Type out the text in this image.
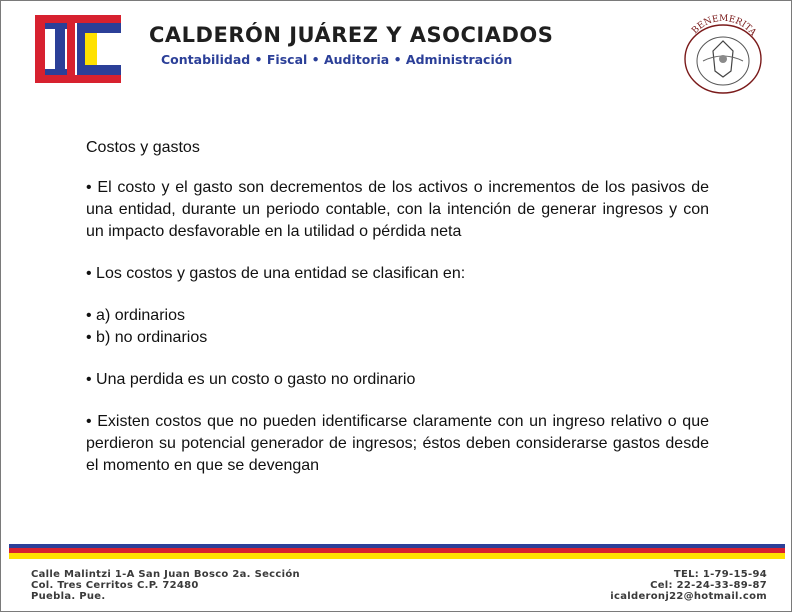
CALDERÓN JUÁREZ Y ASOCIADOS
Contabilidad • Fiscal • Auditoria • Administración
BENEMERITA

Costos y gastos

• El costo y el gasto son decrementos de los activos o incrementos de los pasivos de una entidad, durante un periodo contable, con la intención de generar ingresos y con un impacto desfavorable en la utilidad o pérdida neta

• Los costos y gastos de una entidad se clasifican en:

• a) ordinarios
• b) no ordinarios

• Una perdida es un costo o gasto no ordinario

• Existen costos que no pueden identificarse claramente con un ingreso relativo o que perdieron su potencial generador de ingresos; éstos deben considerarse gastos desde el momento en que se devengan

Calle Malintzi 1-A San Juan Bosco 2a. Sección
Col. Tres Cerritos C.P. 72480
Puebla. Pue.
TEL: 1-79-15-94
Cel: 22-24-33-89-87
icalderonj22@hotmail.com
